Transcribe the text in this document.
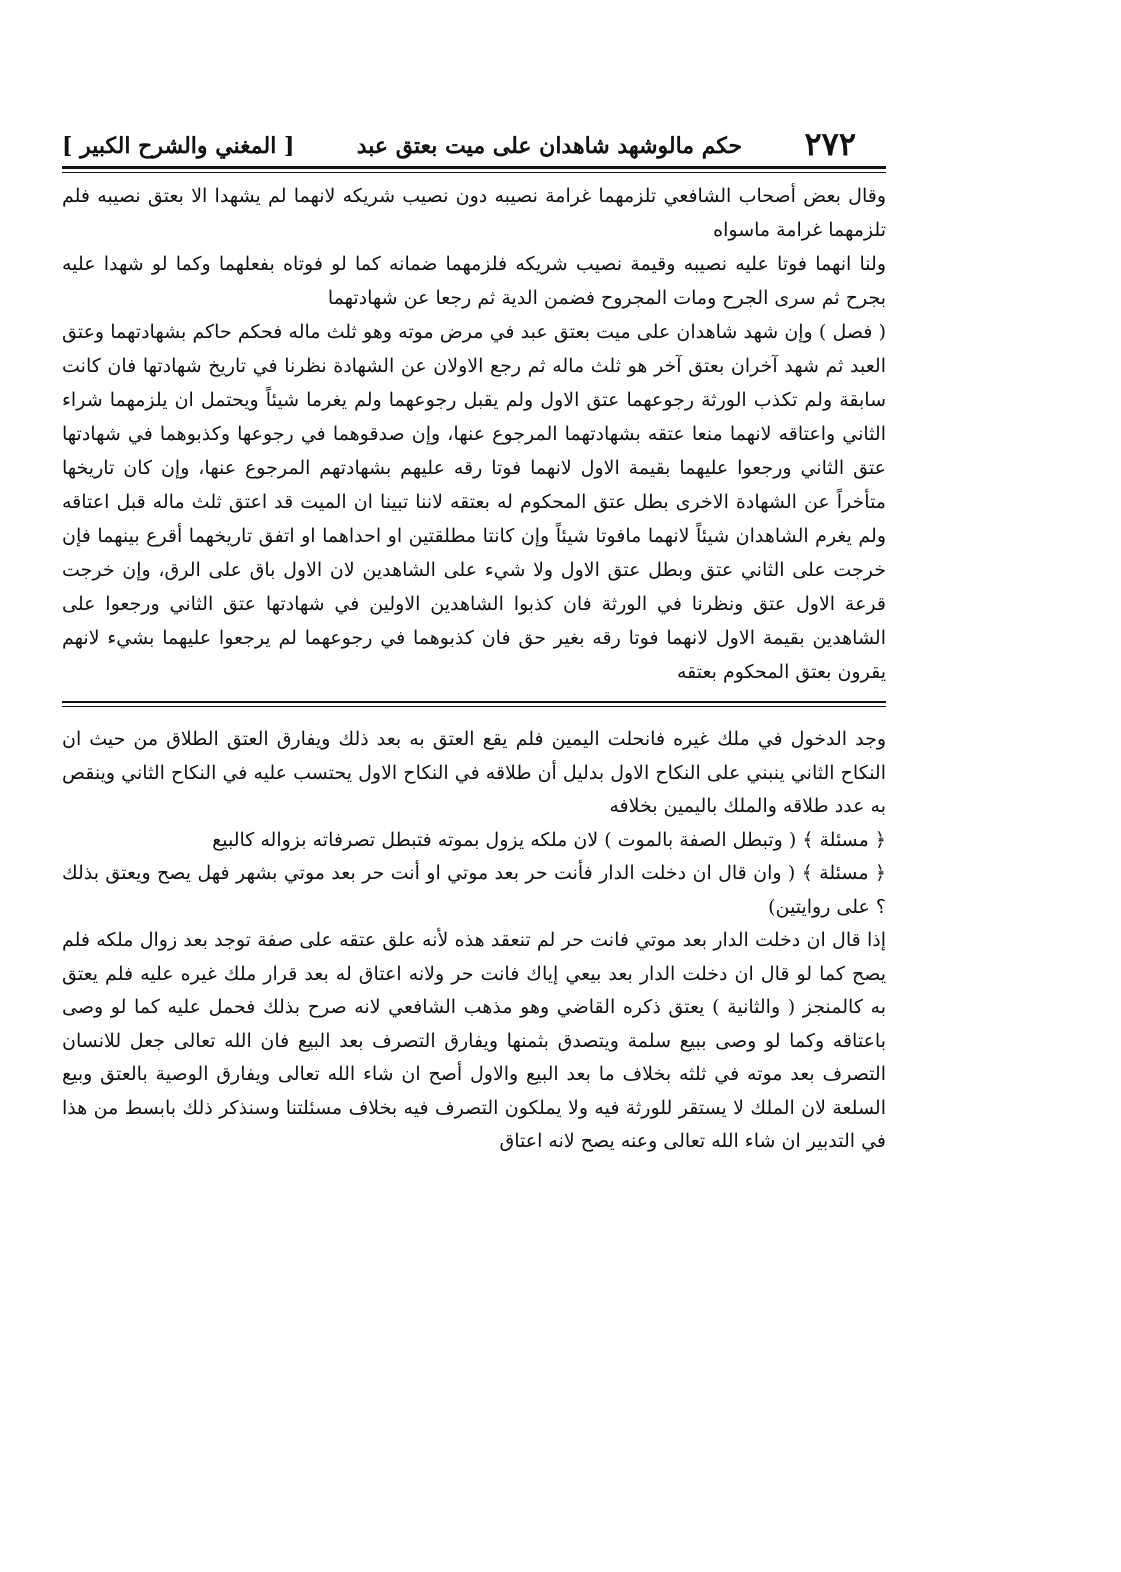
٢٧٢
حكم مالوشهد شاهدان على ميت بعتق عبد
[ المغني والشرح الكبير ]

وقال بعض أصحاب الشافعي تلزمهما غرامة نصيبه دون نصيب شريكه لانهما لم يشهدا الا بعتق نصيبه فلم تلزمهما غرامة ماسواه

ولنا انهما فوتا عليه نصيبه وقيمة نصيب شريكه فلزمهما ضمانه كما لو فوتاه بفعلهما وكما لو شهدا عليه بجرح ثم سرى الجرح ومات المجروح فضمن الدية ثم رجعا عن شهادتهما

( فصل ) وإن شهد شاهدان على ميت بعتق عبد في مرض موته وهو ثلث ماله فحكم حاكم بشهادتهما وعتق العبد ثم شهد آخران بعتق آخر هو ثلث ماله ثم رجع الاولان عن الشهادة نظرنا في تاريخ شهادتها فان كانت سابقة ولم تكذب الورثة رجوعهما عتق الاول ولم يقبل رجوعهما ولم يغرما شيئاً ويحتمل ان يلزمهما شراء الثاني واعتاقه لانهما منعا عتقه بشهادتهما المرجوع عنها، وإن صدقوهما في رجوعها وكذبوهما في شهادتها عتق الثاني ورجعوا عليهما بقيمة الاول لانهما فوتا رقه عليهم بشهادتهم المرجوع عنها، وإن كان تاريخها متأخراً عن الشهادة الاخرى بطل عتق المحكوم له بعتقه لاننا تبينا ان الميت قد اعتق ثلث ماله قبل اعتاقه ولم يغرم الشاهدان شيئاً لانهما مافوتا شيئاً وإن كانتا مطلقتين او احداهما او اتفق تاريخهما أقرع بينهما فإن خرجت على الثاني عتق وبطل عتق الاول ولا شيء على الشاهدين لان الاول باق على الرق، وإن خرجت قرعة الاول عتق ونظرنا في الورثة فان كذبوا الشاهدين الاولين في شهادتها عتق الثاني ورجعوا على الشاهدين بقيمة الاول لانهما فوتا رقه بغير حق فان كذبوهما في رجوعهما لم يرجعوا عليهما بشيء لانهم يقرون بعتق المحكوم بعتقه

وجد الدخول في ملك غيره فانحلت اليمين فلم يقع العتق به بعد ذلك ويفارق العتق الطلاق من حيث ان النكاح الثاني ينبني على النكاح الاول بدليل أن طلاقه في النكاح الاول يحتسب عليه في النكاح الثاني وينقص به عدد طلاقه والملك باليمين بخلافه

﴿ مسئلة ﴾ ( وتبطل الصفة بالموت ) لان ملكه يزول بموته فتبطل تصرفاته بزواله كالبيع

﴿ مسئلة ﴾ ( وان قال ان دخلت الدار فأنت حر بعد موتي او أنت حر بعد موتي بشهر فهل يصح ويعتق بذلك ؟ على روايتين)

إذا قال ان دخلت الدار بعد موتي فانت حر لم تنعقد هذه لأنه علق عتقه على صفة توجد بعد زوال ملكه فلم يصح كما لو قال ان دخلت الدار بعد بيعي إياك فانت حر ولانه اعتاق له بعد قرار ملك غيره عليه فلم يعتق به كالمنجز ( والثانية ) يعتق ذكره القاضي وهو مذهب الشافعي لانه صرح بذلك فحمل عليه كما لو وصى باعتاقه وكما لو وصى ببيع سلمة ويتصدق بثمنها ويفارق التصرف بعد البيع فان الله تعالى جعل للانسان التصرف بعد موته في ثلثه بخلاف ما بعد البيع والاول أصح ان شاء الله تعالى ويفارق الوصية بالعتق وبيع السلعة لان الملك لا يستقر للورثة فيه ولا يملكون التصرف فيه بخلاف مسئلتنا وسنذكر ذلك بابسط من هذا في التدبير ان شاء الله تعالى وعنه يصح لانه اعتاق
